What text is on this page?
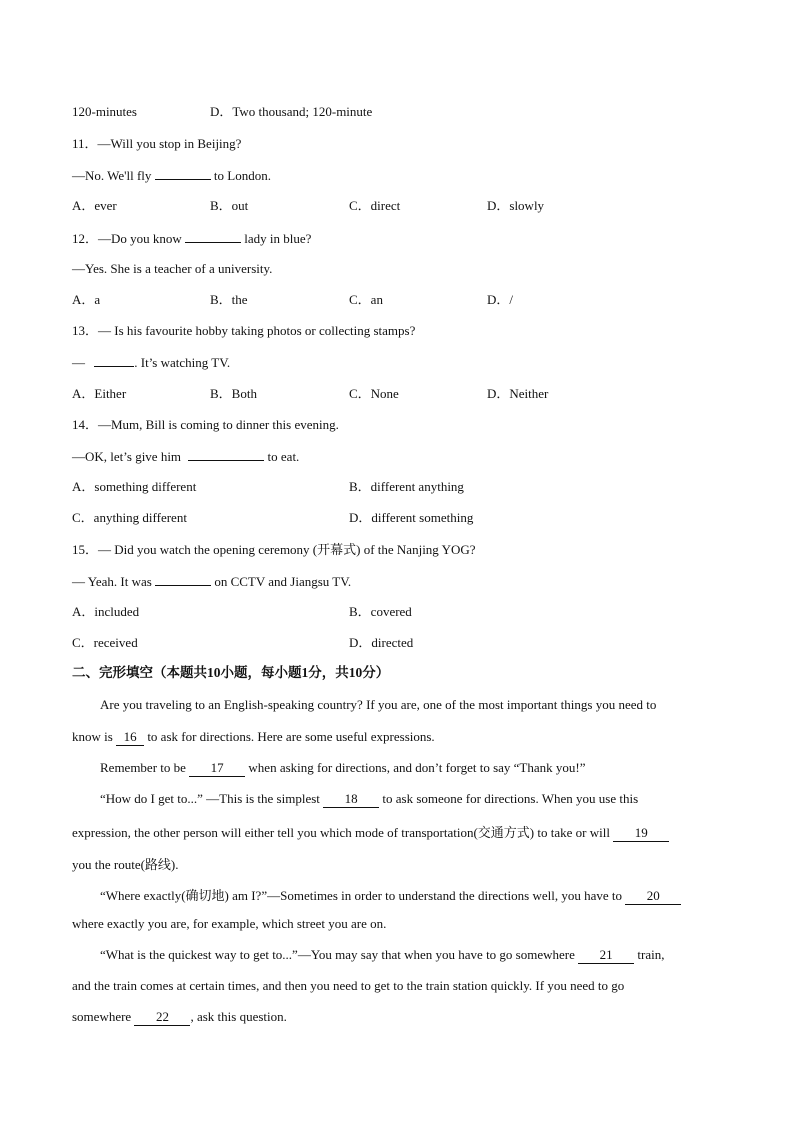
120-minutes	D．Two thousand; 120-minute
11．—Will you stop in Beijing?
—No. We'll fly	to London.
A．ever	B．out	C．direct	D．slowly
12．—Do you know	lady in blue?
—Yes. She is a teacher of a university.
A．a	B．the	C．an	D．/
13．— Is his favourite hobby taking photos or collecting stamps?
—	. It’s watching TV.
A．Either	B．Both	C．None	D．Neither
14．—Mum, Bill is coming to dinner this evening.
—OK, let’s give him	to eat.
A．something different	B．different anything
C．anything different	D．different something
15．— Did you watch the opening ceremony (开幕式) of the Nanjing YOG?
— Yeah. It was	on CCTV and Jiangsu TV.
A．included	B．covered
C．received	D．directed
二、完形填空（本题共10小题，每小题1分，共10分）
Are you traveling to an English-speaking country? If you are, one of the most important things you need to
know is 16 to ask for directions. Here are some useful expressions.
Remember to be 17 when asking for directions, and don’t forget to say “Thank you!”
“How do I get to...” —This is the simplest 18 to ask someone for directions. When you use this
expression, the other person will either tell you which mode of transportation(交通方式) to take or will 19
you the route(路线).
“Where exactly(确切地) am I?”—Sometimes in order to understand the directions well, you have to 20
where exactly you are, for example, which street you are on.
“What is the quickest way to get to...”—You may say that when you have to go somewhere 21 train,
and the train comes at certain times, and then you need to get to the train station quickly. If you need to go
somewhere 22 , ask this question.
